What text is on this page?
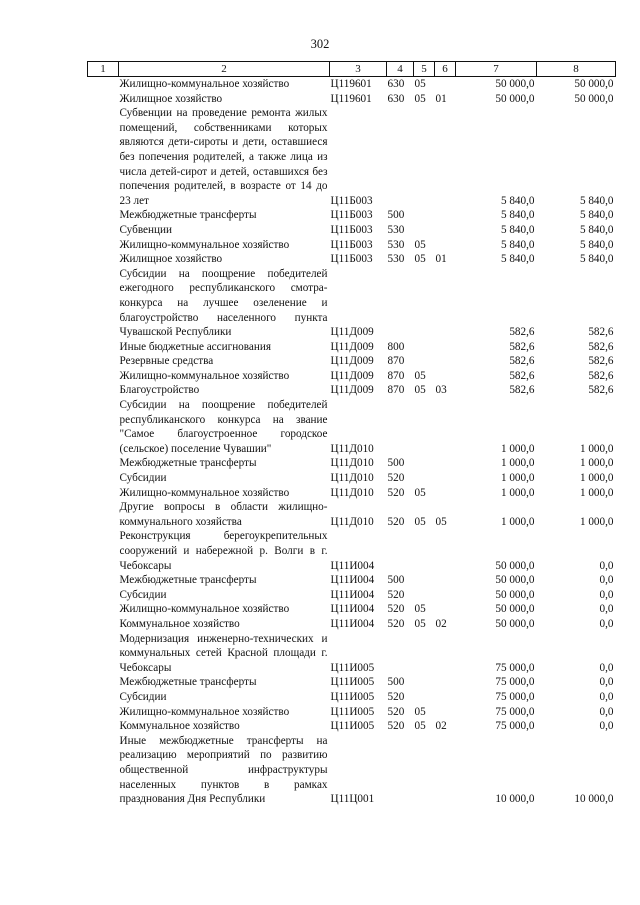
302
1	2	3	4	5	6	7	8
	Жилищно-коммунальное хозяйство	Ц119601	630	05		50 000,0	50 000,0
	Жилищное хозяйство	Ц119601	630	05	01	50 000,0	50 000,0
	Субвенции на проведение ремонта жилых помещений, собственниками которых являются дети-сироты и дети, оставшиеся без попечения родителей, а также лица из числа детей-сирот и детей, оставшихся без попечения родителей, в возрасте от 14 до 23 лет	Ц11Б003				5 840,0	5 840,0
	Межбюджетные трансферты	Ц11Б003	500			5 840,0	5 840,0
	Субвенции	Ц11Б003	530			5 840,0	5 840,0
	Жилищно-коммунальное хозяйство	Ц11Б003	530	05		5 840,0	5 840,0
	Жилищное хозяйство	Ц11Б003	530	05	01	5 840,0	5 840,0
	Субсидии на поощрение победителей ежегодного республиканского смотра-конкурса на лучшее озеленение и благоустройство населенного пункта Чувашской Республики	Ц11Д009				582,6	582,6
	Иные бюджетные ассигнования	Ц11Д009	800			582,6	582,6
	Резервные средства	Ц11Д009	870			582,6	582,6
	Жилищно-коммунальное хозяйство	Ц11Д009	870	05		582,6	582,6
	Благоустройство	Ц11Д009	870	05	03	582,6	582,6
	Субсидии на поощрение победителей республиканского конкурса на звание "Самое благоустроенное городское (сельское) поселение Чувашии"	Ц11Д010				1 000,0	1 000,0
	Межбюджетные трансферты	Ц11Д010	500			1 000,0	1 000,0
	Субсидии	Ц11Д010	520			1 000,0	1 000,0
	Жилищно-коммунальное хозяйство	Ц11Д010	520	05		1 000,0	1 000,0
	Другие вопросы в области жилищно-коммунального хозяйства	Ц11Д010	520	05	05	1 000,0	1 000,0
	Реконструкция берегоукрепительных сооружений и набережной р. Волги в г. Чебоксары	Ц11И004				50 000,0	0,0
	Межбюджетные трансферты	Ц11И004	500			50 000,0	0,0
	Субсидии	Ц11И004	520			50 000,0	0,0
	Жилищно-коммунальное хозяйство	Ц11И004	520	05		50 000,0	0,0
	Коммунальное хозяйство	Ц11И004	520	05	02	50 000,0	0,0
	Модернизация инженерно-технических и коммунальных сетей Красной площади г. Чебоксары	Ц11И005				75 000,0	0,0
	Межбюджетные трансферты	Ц11И005	500			75 000,0	0,0
	Субсидии	Ц11И005	520			75 000,0	0,0
	Жилищно-коммунальное хозяйство	Ц11И005	520	05		75 000,0	0,0
	Коммунальное хозяйство	Ц11И005	520	05	02	75 000,0	0,0
	Иные межбюджетные трансферты на реализацию мероприятий по развитию общественной инфраструктуры населенных пунктов в рамках празднования Дня Республики	Ц11Ц001				10 000,0	10 000,0
